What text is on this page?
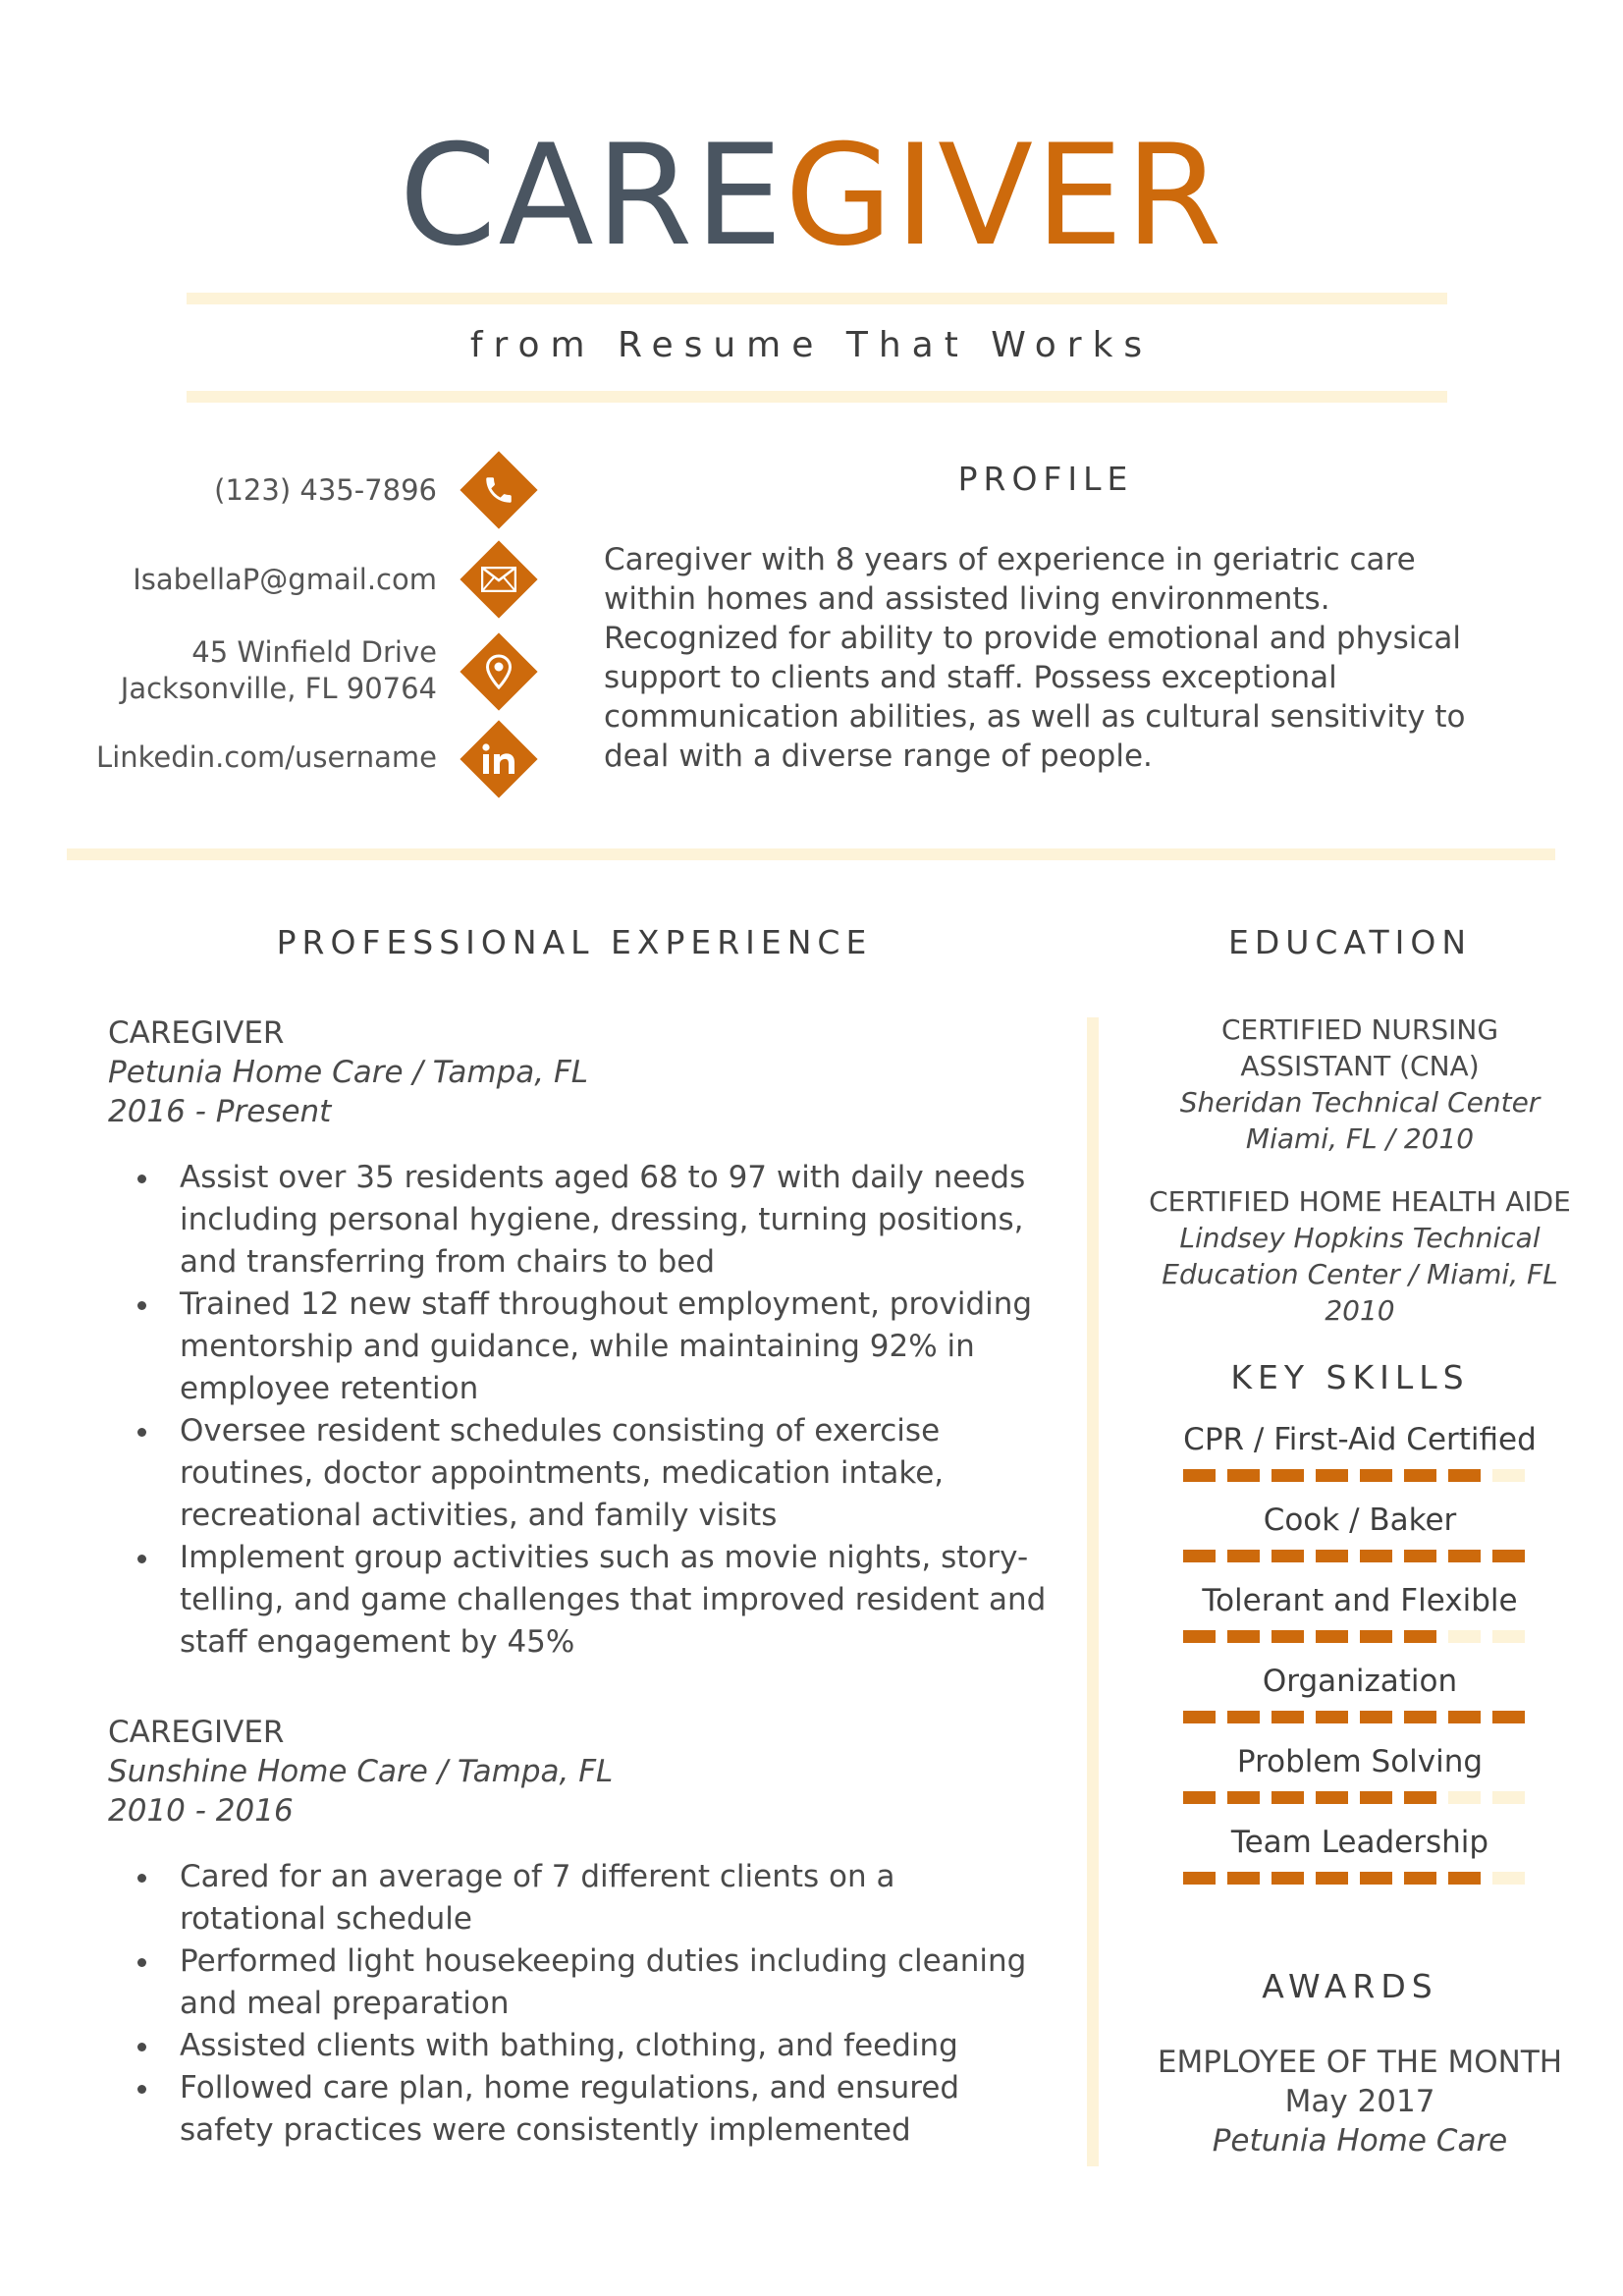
CAREGIVER
from Resume That Works
(123) 435-7896
IsabellaP@gmail.com
45 Winfield Drive
Jacksonville, FL 90764
Linkedin.com/username
PROFILE
Caregiver with 8 years of experience in geriatric care within homes and assisted living environments. Recognized for ability to provide emotional and physical support to clients and staff. Possess exceptional communication abilities, as well as cultural sensitivity to deal with a diverse range of people.
PROFESSIONAL EXPERIENCE
CAREGIVER
Petunia Home Care / Tampa, FL
2016 - Present
Assist over 35 residents aged 68 to 97 with daily needs including personal hygiene, dressing, turning positions, and transferring from chairs to bed
Trained 12 new staff throughout employment, providing mentorship and guidance, while maintaining 92% in employee retention
Oversee resident schedules consisting of exercise routines, doctor appointments, medication intake, recreational activities, and family visits
Implement group activities such as movie nights, story-telling, and game challenges that improved resident and staff engagement by 45%
CAREGIVER
Sunshine Home Care / Tampa, FL
2010 - 2016
Cared for an average of 7 different clients on a rotational schedule
Performed light housekeeping duties including cleaning and meal preparation
Assisted clients with bathing, clothing, and feeding
Followed care plan, home regulations, and ensured safety practices were consistently implemented
EDUCATION
CERTIFIED NURSING
ASSISTANT (CNA)
Sheridan Technical Center
Miami, FL / 2010
CERTIFIED HOME HEALTH AIDE
Lindsey Hopkins Technical
Education Center / Miami, FL
2010
KEY SKILLS
CPR / First-Aid Certified
Cook / Baker
Tolerant and Flexible
Organization
Problem Solving
Team Leadership
AWARDS
EMPLOYEE OF THE MONTH
May 2017
Petunia Home Care
